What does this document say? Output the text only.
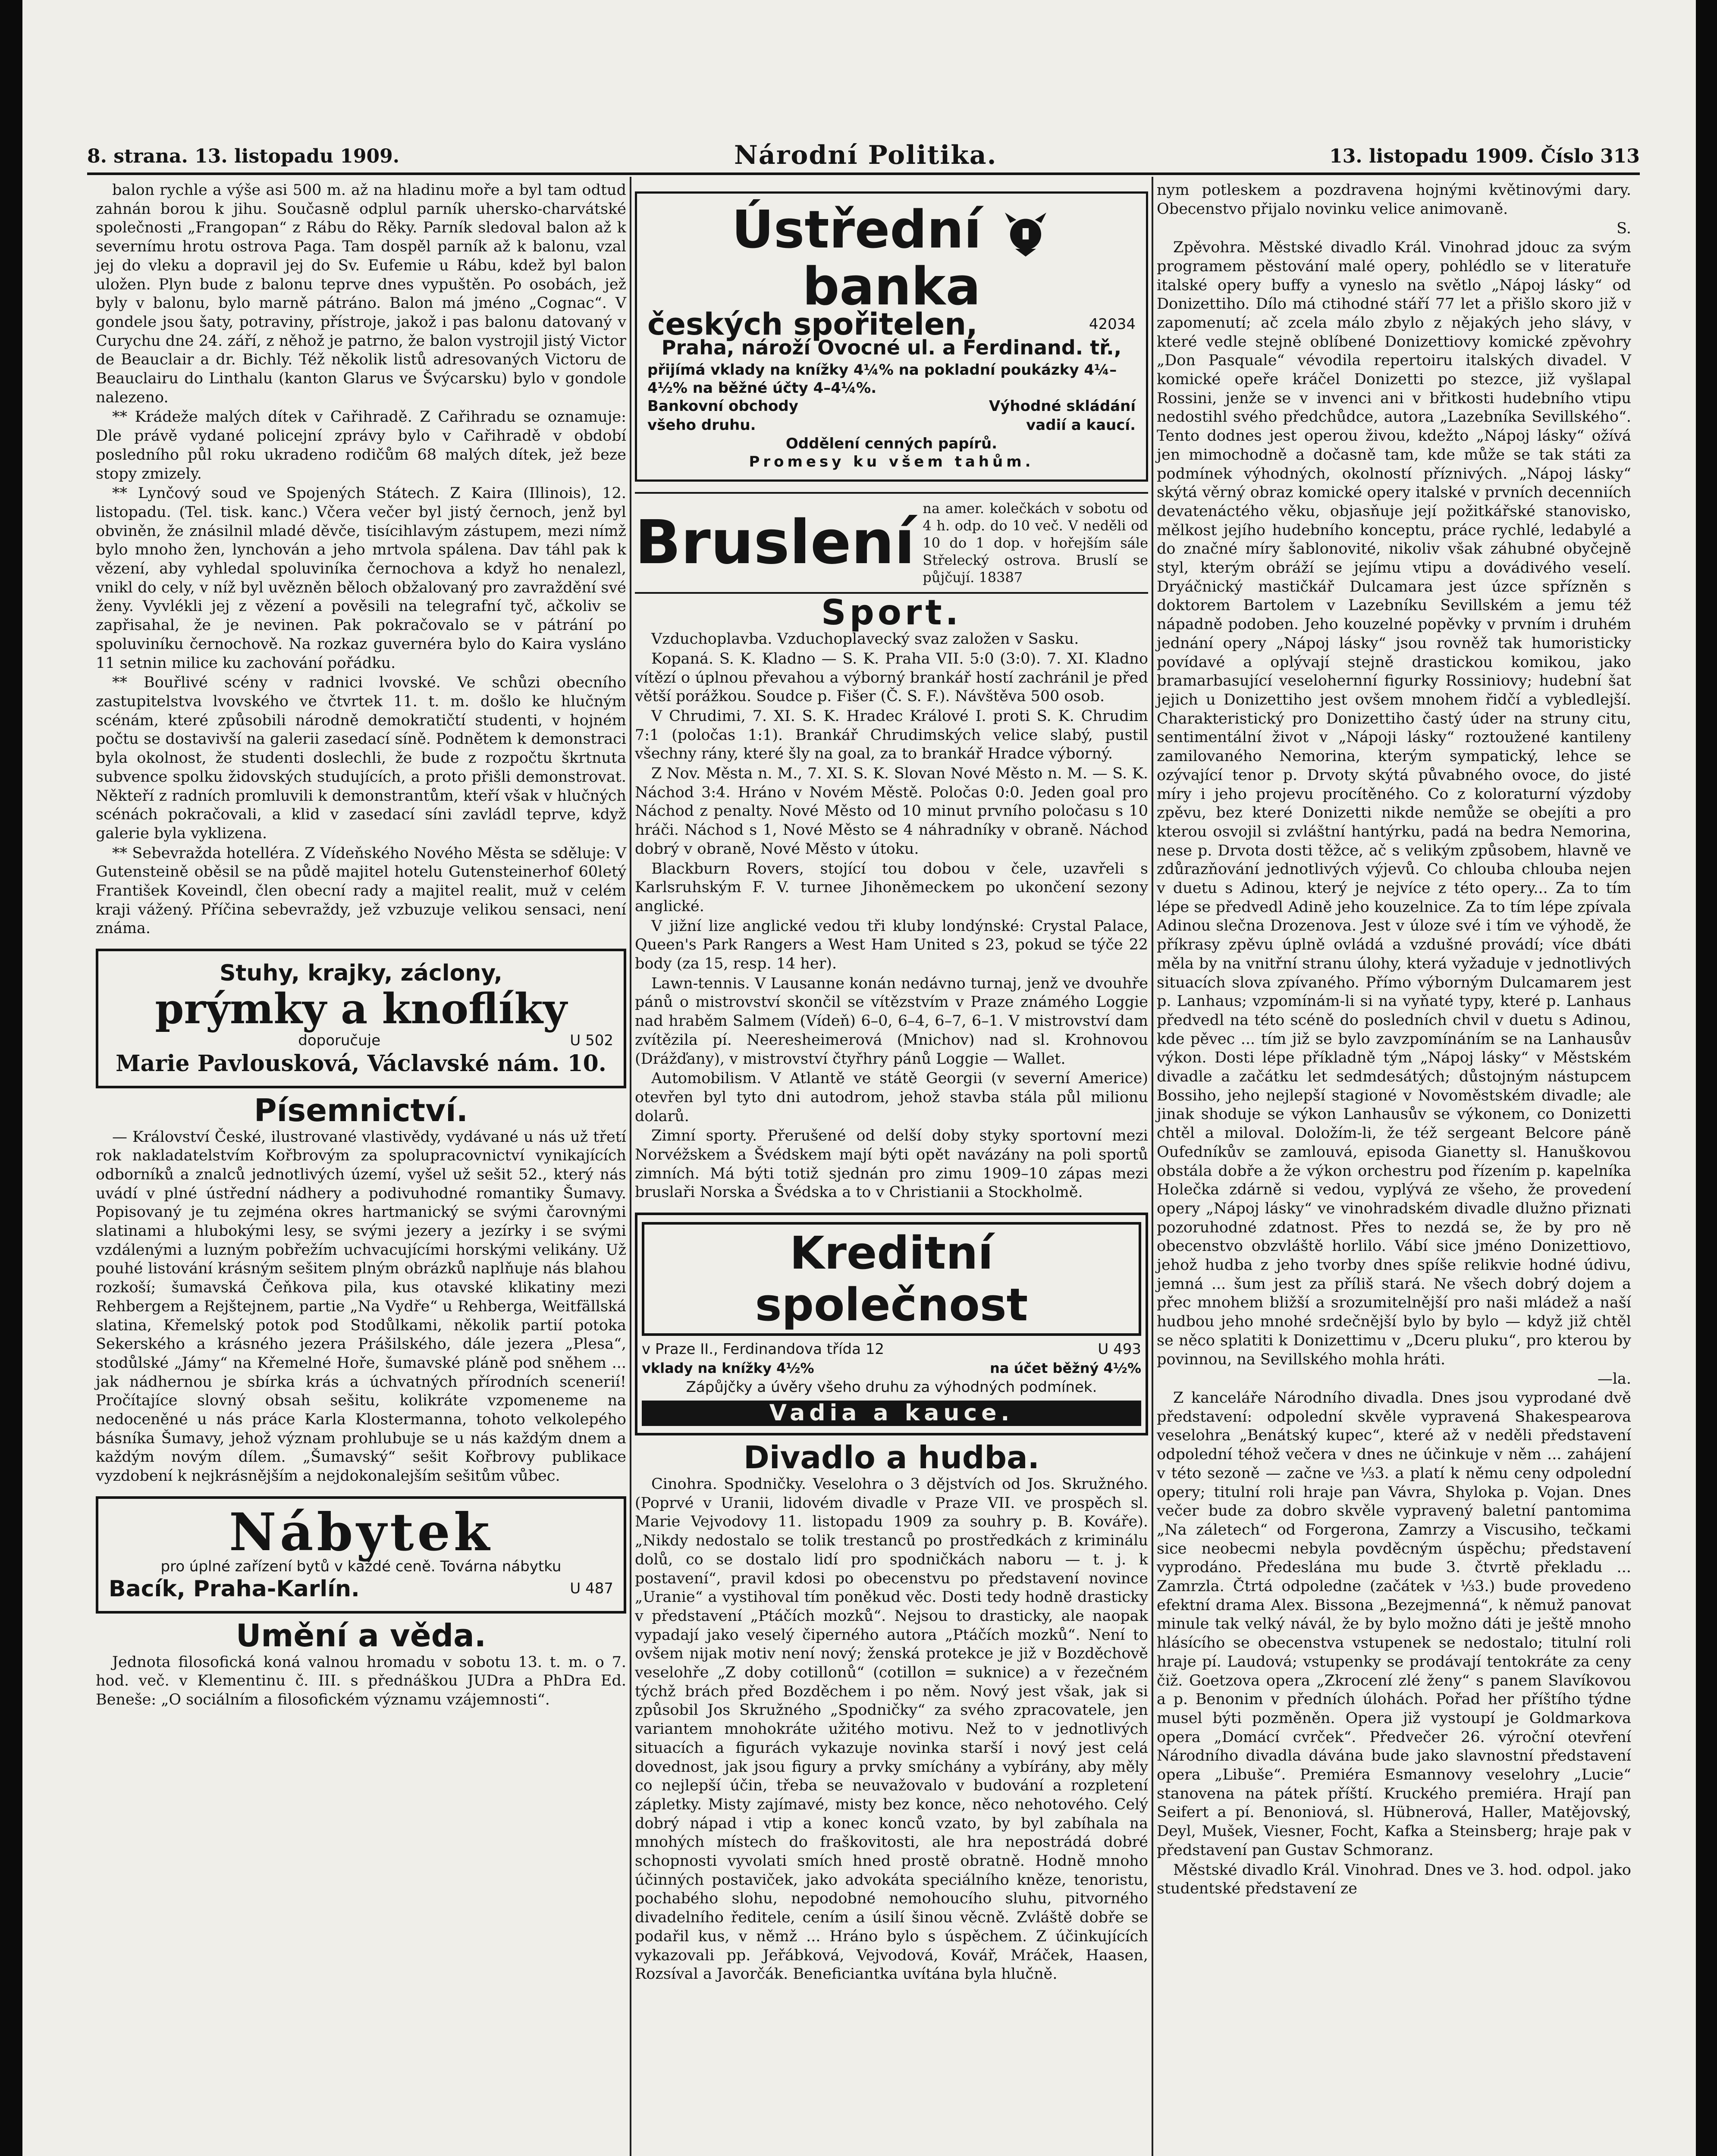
8. strana. 13. listopadu 1909.	Národní Politika.	13. listopadu 1909. Číslo 313

balon rychle a výše asi 500 m. až na hladinu moře a byl tam odtud zahnán borou k jihu. Současně odplul parník uhersko-charvátské společnosti „Frangopan“ z Rábu do Rěky. Parník sledoval balon až k severnímu hrotu ostrova Paga. Tam dospěl parník až k balonu, vzal jej do vleku a dopravil jej do Sv. Eufemie u Rábu, kdež byl balon uložen. Plyn bude z balonu teprve dnes vypuštěn. Po osobách, jež byly v balonu, bylo marně pátráno. Balon má jméno „Cognac“. V gondele jsou šaty, potraviny, přístroje, jakož i pas balonu datovaný v Curychu dne 24. září, z něhož je patrno, že balon vystrojil jistý Victor de Beauclair a dr. Bichly. Též několik listů adresovaných Victoru de Beauclairu do Linthalu (kanton Glarus ve Švýcarsku) bylo v gondole nalezeno.

** Krádeže malých dítek v Cařihradě. Z Cařihradu se oznamuje: Dle právě vydané policejní zprávy bylo v Cařihradě v období posledního půl roku ukradeno rodičům 68 malých dítek, jež beze stopy zmizely.

** Lynčový soud ve Spojených Státech. Z Kaira (Illinois), 12. listopadu. (Tel. tisk. kanc.) Včera večer byl jistý černoch, jenž byl obviněn, že znásilnil mladé děvče, tisícihlavým zástupem, mezi nímž bylo mnoho žen, lynchován a jeho mrtvola spálena. Dav táhl pak k vězení, aby vyhledal spoluviníka černochova a když ho nenalezl, vnikl do cely, v níž byl uvězněn běloch obžalovaný pro zavraždění své ženy. Vyvlékli jej z vězení a pověsili na telegrafní tyč, ačkoliv se zapřisahal, že je nevinen. Pak pokračovalo se v pátrání po spoluviníku černochově. Na rozkaz guvernéra bylo do Kaira vysláno 11 setnin milice ku zachování pořádku.

** Bouřlivé scény v radnici lvovské. Ve schůzi obecního zastupitelstva lvovského ve čtvrtek 11. t. m. došlo ke hlučným scénám, které způsobili národně demokratičtí studenti, v hojném počtu se dostavivší na galerii zasedací síně. Podnětem k demonstraci byla okolnost, že studenti doslechli, že bude z rozpočtu škrtnuta subvence spolku židovských studujících, a proto přišli demonstrovat. Někteří z radních promluvili k demonstrantům, kteří však v hlučných scénách pokračovali, a klid v zasedací síni zavládl teprve, když galerie byla vyklizena.

** Sebevražda hotelléra. Z Vídeňského Nového Města se sděluje: V Gutensteině oběsil se na půdě majitel hotelu Gutensteinerhof 60letý František Koveindl, člen obecní rady a majitel realit, muž v celém kraji vážený. Příčina sebevraždy, jež vzbuzuje velikou sensaci, není známa.

Stuhy, krajky, záclony,
prýmky a knoflíky
doporučuje	U 502
Marie Pavlousková, Václavské nám. 10.
Písemnictví.

— Království České, ilustrované vlastivědy, vydávané u nás už třetí rok nakladatelstvím Kořbrovým za spolupracovnictví vynikajících odborníků a znalců jednotlivých území, vyšel už sešit 52., který nás uvádí v plné ústřední nádhery a podivuhodné romantiky Šumavy. Popisovaný je tu zejména okres hartmanický se svými čarovnými slatinami a hlubokými lesy, se svými jezery a jezírky i se svými vzdálenými a luzným pobřežím uchvacujícími horskými velikány. Už pouhé listování krásným sešitem plným obrázků naplňuje nás blahou rozkoší; šumavská Čeňkova pila, kus otavské klikatiny mezi Rehbergem a Rejštejnem, partie „Na Vydře“ u Rehberga, Weitfällská slatina, Křemelský potok pod Stodůlkami, několik partií potoka Sekerského a krásného jezera Prášilského, dále jezera „Plesa“, stodůlské „Jámy“ na Křemelné Hoře, šumavské pláně pod sněhem ... jak nádhernou je sbírka krás a úchvatných přírodních scenerií! Pročítajíce slovný obsah sešitu, kolikráte vzpomeneme na nedoceněné u nás práce Karla Klostermanna, tohoto velkolepého básníka Šumavy, jehož význam prohlubuje se u nás každým dnem a každým novým dílem. „Šumavský“ sešit Kořbrovy publikace vyzdobení k nejkrásnějším a nejdokonalejším sešitům vůbec.

Nábytek
pro úplné zařízení bytů v každé ceně. Továrna nábytku
Bacík, Praha-Karlín.	U 487
Umění a věda.

Jednota filosofická koná valnou hromadu v sobotu 13. t. m. o 7. hod. več. v Klementinu č. III. s přednáškou JUDra a PhDra Ed. Beneše: „O sociálním a filosofickém významu vzájemnosti“.

Ústřední  banka
českých spořitelen,	42034
Praha, nároží Ovocné ul. a Ferdinand. tř.,
přijímá vklady na knížky 4¼% na pokladní poukázky 4¼–4½% na běžné účty 4–4¼%.
Bankovní obchody	Výhodné skládání
všeho druhu.	vadií a kaucí.
Oddělení cenných papírů.
Promesy ku všem tahům.
Bruslení na amer. kolečkách v sobotu od 4 h. odp. do 10 več. V neděli od 10 do 1 dop. v hořejším sále Střelecký ostrova. Bruslí se půjčují. 18387
Sport.

Vzduchoplavba. Vzduchoplavecký svaz založen v Sasku.

Kopaná. S. K. Kladno — S. K. Praha VII. 5:0 (3:0). 7. XI. Kladno vítězí o úplnou převahou a výborný brankář hostí zachránil je před větší porážkou. Soudce p. Fišer (Č. S. F.). Návštěva 500 osob.

V Chrudimi, 7. XI. S. K. Hradec Králové I. proti S. K. Chrudim 7:1 (poločas 1:1). Brankář Chrudimských velice slabý, pustil všechny rány, které šly na goal, za to brankář Hradce výborný.

Z Nov. Města n. M., 7. XI. S. K. Slovan Nové Město n. M. — S. K. Náchod 3:4. Hráno v Novém Městě. Poločas 0:0. Jeden goal pro Náchod z penalty. Nové Město od 10 minut prvního poločasu s 10 hráči. Náchod s 1, Nové Město se 4 náhradníky v obraně. Náchod dobrý v obraně, Nové Město v útoku.

Blackburn Rovers, stojící tou dobou v čele, uzavřeli s Karlsruhským F. V. turnee Jihoněmeckem po ukončení sezony anglické.

V jižní lize anglické vedou tři kluby londýnské: Crystal Palace, Queen's Park Rangers a West Ham United s 23, pokud se týče 22 body (za 15, resp. 14 her).

Lawn-tennis. V Lausanne konán nedávno turnaj, jenž ve dvouhře pánů o mistrovství skončil se vítězstvím v Praze známého Loggie nad hraběm Salmem (Vídeň) 6–0, 6–4, 6–7, 6–1. V mistrovství dam zvítězila pí. Neeresheimerová (Mnichov) nad sl. Krohnovou (Drážďany), v mistrovství čtyřhry pánů Loggie — Wallet.

Automobilism. V Atlantě ve státě Georgii (v severní Americe) otevřen byl tyto dni autodrom, jehož stavba stála půl milionu dolarů.

Zimní sporty. Přerušené od delší doby styky sportovní mezi Norvéžskem a Švédskem mají býti opět navázány na poli sportů zimních. Má býti totiž sjednán pro zimu 1909–10 zápas mezi bruslaři Norska a Švédska a to v Christianii a Stockholmě.

Kreditní společnost
v Praze II., Ferdinandova třída 12	U 493
vklady na knížky 4½%	na účet běžný 4½%
Zápůjčky a úvěry všeho druhu za výhodných podmínek.
Vadia a kauce.
Divadlo a hudba.

Cinohra. Spodničky. Veselohra o 3 dějstvích od Jos. Skružného. (Poprvé v Uranii, lidovém divadle v Praze VII. ve prospěch sl. Marie Vejvodovy 11. listopadu 1909 za souhry p. B. Kováře). „Nikdy nedostalo se tolik trestanců po prostředkách z kriminálu dolů, co se dostalo lidí pro spodničkách naboru — t. j. k postavení“, pravil kdosi po obecenstvu po představení novince „Uranie“ a vystihoval tím poněkud věc. Dosti tedy hodně drasticky v představení „Ptáčích mozků“. Nejsou to drasticky, ale naopak vypadají jako veselý čiperného autora „Ptáčích mozků“. Není to ovšem nijak motiv není nový; ženská protekce je již v Bozděchově veselohře „Z doby cotillonů“ (cotillon = suknice) a v řezečném týchž brách před Bozděchem i po něm. Nový jest však, jak si způsobil Jos Skružného „Spodničky“ za svého zpracovatele, jen variantem mnohokráte užitého motivu. Než to v jednotlivých situacích a figurách vykazuje novinka starší i nový jest celá dovednost, jak jsou figury a prvky smíchány a vybírány, aby měly co nejlepší účin, třeba se neuvažovalo v budování a rozpletení zápletky. Misty zajímavé, misty bez konce, něco nehotového. Celý dobrý nápad i vtip a konec konců vzato, by byl zabíhala na mnohých místech do fraškovitosti, ale hra nepostrádá dobré schopnosti vyvolati smích hned prostě obratně. Hodně mnoho účinných postaviček, jako advokáta speciálního kněze, tenoristu, pochabého slohu, nepodobné nemohoucího sluhu, pitvorného divadelního ředitele, cením a úsilí šinou věcně. Zvláště dobře se podařil kus, v němž ... Hráno bylo s úspěchem. Z účinkujících vykazovali pp. Jeřábková, Vejvodová, Kovář, Mráček, Haasen, Rozsíval a Javorčák. Beneficiantka uvítána byla hlučně.

nym potleskem a pozdravena hojnými květinovými dary. Obecenstvo přijalo novinku velice animovaně.

S.

Zpěvohra. Městské divadlo Král. Vinohrad jdouc za svým programem pěstování malé opery, pohlédlo se v literatuře italské opery buffy a vyneslo na světlo „Nápoj lásky“ od Donizettiho. Dílo má ctihodné stáří 77 let a přišlo skoro již v zapomenutí; ač zcela málo zbylo z nějakých jeho slávy, v které vedle stejně oblíbené Donizettiovy komické zpěvohry „Don Pasquale“ vévodila repertoiru italských divadel. V komické opeře kráčel Donizetti po stezce, již vyšlapal Rossini, jenže se v invenci ani v břitkosti hudebního vtipu nedostihl svého předchůdce, autora „Lazebníka Sevillského“. Tento dodnes jest operou živou, kdežto „Nápoj lásky“ ožívá jen mimochodně a dočasně tam, kde může se tak státi za podmínek výhodných, okolností příznivých. „Nápoj lásky“ skýtá věrný obraz komické opery italské v prvních decenniích devatenáctého věku, objasňuje její požitkářské stanovisko, mělkost jejího hudebního konceptu, práce rychlé, ledabylé a do značné míry šablonovité, nikoliv však záhubné obyčejně styl, kterým obráží se jejímu vtipu a dovádivého veselí. Dryáčnický mastičkář Dulcamara jest úzce spřízněn s doktorem Bartolem v Lazebníku Sevillském a jemu též nápadně podoben. Jeho kouzelné popěvky v prvním i druhém jednání opery „Nápoj lásky“ jsou rovněž tak humoristicky povídavé a oplývají stejně drastickou komikou, jako bramarbasující veselohernní figurky Rossiniovy; hudební šat jejich u Donizettiho jest ovšem mnohem řidčí a vybledlejší. Charakteristický pro Donizettiho častý úder na struny citu, sentimentální život v „Nápoji lásky“ roztoužené kantileny zamilovaného Nemorina, kterým sympatický, lehce se ozývající tenor p. Drvoty skýtá půvabného ovoce, do jisté míry i jeho projevu procítěného. Co z koloraturní výzdoby zpěvu, bez které Donizetti nikde nemůže se obejíti a pro kterou osvojil si zvláštní hantýrku, padá na bedra Nemorina, nese p. Drvota dosti těžce, ač s velikým způsobem, hlavně ve zdůrazňování jednotlivých výjevů. Co chlouba chlouba nejen v duetu s Adinou, který je nejvíce z této opery... Za to tím lépe se předvedl Adině jeho kouzelnice. Za to tím lépe zpívala Adinou slečna Drozenova. Jest v úloze své i tím ve výhodě, že příkrasy zpěvu úplně ovládá a vzdušné provádí; více dbáti měla by na vnitřní stranu úlohy, která vyžaduje v jednotlivých situacích slova zpívaného. Přímo výborným Dulcamarem jest p. Lanhaus; vzpomínám-li si na vyňaté typy, které p. Lanhaus předvedl na této scéně do posledních chvil v duetu s Adinou, kde pěvec ... tím již se bylo zavzpomínáním se na Lanhausův výkon. Dosti lépe příkladně tým „Nápoj lásky“ v Městském divadle a začátku let sedmdesátých; důstojným nástupcem Bossiho, jeho nejlepší stagioné v Novoměstském divadle; ale jinak shoduje se výkon Lanhausův se výkonem, co Donizetti chtěl a miloval. Doložím-li, že též sergeant Belcore páně Oufedníkův se zamlouvá, episoda Gianetty sl. Hanuškovou obstála dobře a že výkon orchestru pod řízením p. kapelníka Holečka zdárně si vedou, vyplývá ze všeho, že provedení opery „Nápoj lásky“ ve vinohradském divadle dlužno přiznati pozoruhodné zdatnost. Přes to nezdá se, že by pro ně obecenstvo obzvláště horlilo. Vábí sice jméno Donizettiovo, jehož hudba z jeho tvorby dnes spíše relikvie hodné údivu, jemná ... šum jest za příliš stará. Ne všech dobrý dojem a přec mnohem bližší a srozumitelnější pro naši mládež a naší hudbou jeho mnohé srdečnější bylo by bylo — když již chtěl se něco splatiti k Donizettimu v „Dceru pluku“, pro kterou by povinnou, na Sevillského mohla hráti.

—la.

Z kanceláře Národního divadla. Dnes jsou vyprodané dvě představení: odpolední skvěle vypravená Shakespearova veselohra „Benátský kupec“, které až v neděli představení odpolední téhož večera v dnes ne účinkuje v něm ... zahájení v této sezoně — začne ve ⅓3. a platí k němu ceny odpolední opery; titulní roli hraje pan Vávra, Shyloka p. Vojan. Dnes večer bude za dobro skvěle vypravený baletní pantomima „Na záletech“ od Forgerona, Zamrzy a Viscusiho, tečkami sice neobecmi nebyla povděcným úspěchu; představení vyprodáno. Předeslána mu bude 3. čtvrtě překladu ... Zamrzla. Čtrtá odpoledne (začátek v ⅓3.) bude provedeno efektní drama Alex. Bissona „Bezejmenná“, k němuž panovat minule tak velký návál, že by bylo možno dáti je ještě mnoho hlásícího se obecenstva vstupenek se nedostalo; titulní roli hraje pí. Laudová; vstupenky se prodávají tentokráte za ceny čiž. Goetzova opera „Zkrocení zlé ženy“ s panem Slavíkovou a p. Benonim v předních úlohách. Pořad her příštího týdne musel býti pozměněn. Opera již vystoupí je Goldmarkova opera „Domácí cvrček“. Předvečer 26. výroční otevření Národního divadla dávána bude jako slavnostní představení opera „Libuše“. Premiéra Esmannovy veselohry „Lucie“ stanovena na pátek příští. Kruckého premiéra. Hrají pan Seifert a pí. Benoniová, sl. Hübnerová, Haller, Matějovský, Deyl, Mušek, Viesner, Focht, Kafka a Steinsberg; hraje pak v představení pan Gustav Schmoranz.

Městské divadlo Král. Vinohrad. Dnes ve 3. hod. odpol. jako studentské představení ze
